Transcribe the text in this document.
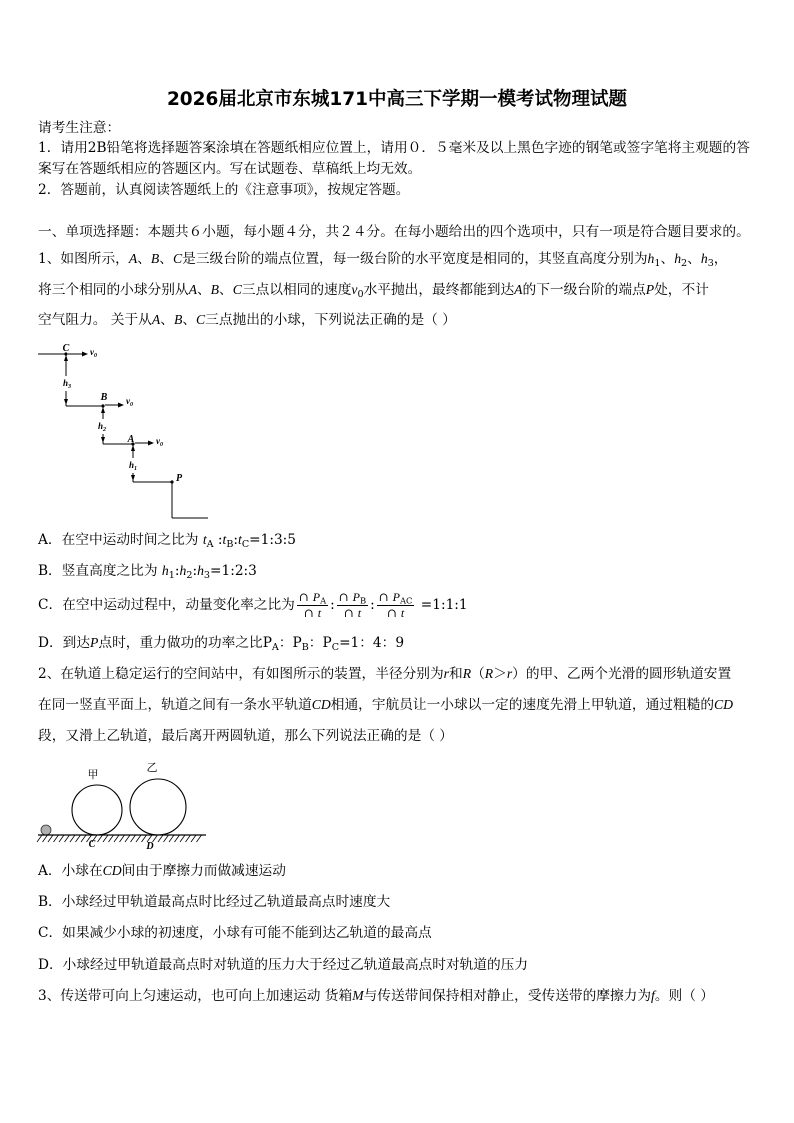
2026届北京市东城171中高三下学期一模考试物理试题
请考生注意：
1．请用2B铅笔将选择题答案涂填在答题纸相应位置上，请用０．５毫米及以上黑色字迹的钢笔或签字笔将主观题的答
案写在答题纸相应的答题区内。写在试题卷、草稿纸上均无效。
2．答题前，认真阅读答题纸上的《注意事项》，按规定答题。
一、单项选择题：本题共６小题，每小题４分，共２４分。在每小题给出的四个选项中，只有一项是符合题目要求的。
1、如图所示，A、B、C是三级台阶的端点位置，每一级台阶的水平宽度是相同的，其竖直高度分别为$h_1$、$h_2$、$h_3$，
将三个相同的小球分别从A、B、C三点以相同的速度$v_0$水平抛出，最终都能到达A的下一级台阶的端点P处，不计
空气阻力。 关于从A、B、C三点抛出的小球，下列说法正确的是（ ）
C
B
A
P
$v_0$
$v_0$
$v_0$
$h_3$
$h_2$
$h_1$
A．在空中运动时间之比为 $t_A$ $:t_B:t_C=1:3:5$
B．竖直高度之比为 $h_1:h_2:h_3=1:2:3$
C．在空中运动过程中，动量变化率之比为 $\frac{\cap P_A}{\cap t}$ : $\frac{\cap P_B}{\cap t}$ : $\frac{\cap P_{AC}}{\cap t}$ =1:1:1
D．到达P点时，重力做功的功率之比$P_A$：$P_B$：$P_C=1$：4：9
2、在轨道上稳定运行的空间站中，有如图所示的装置，半径分别为r和R（R＞r）的甲、乙两个光滑的圆形轨道安置
在同一竖直平面上，轨道之间有一条水平轨道CD相通，宇航员让一小球以一定的速度先滑上甲轨道，通过粗糙的CD
段，又滑上乙轨道，最后离开两圆轨道，那么下列说法正确的是（ ）
甲
乙
C	D
A．小球在CD间由于摩擦力而做减速运动
B．小球经过甲轨道最高点时比经过乙轨道最高点时速度大
C．如果减少小球的初速度，小球有可能不能到达乙轨道的最高点
D．小球经过甲轨道最高点时对轨道的压力大于经过乙轨道最高点时对轨道的压力
3、传送带可向上匀速运动，也可向上加速运动 货箱M与传送带间保持相对静止，受传送带的摩擦力为f。则（ ）
